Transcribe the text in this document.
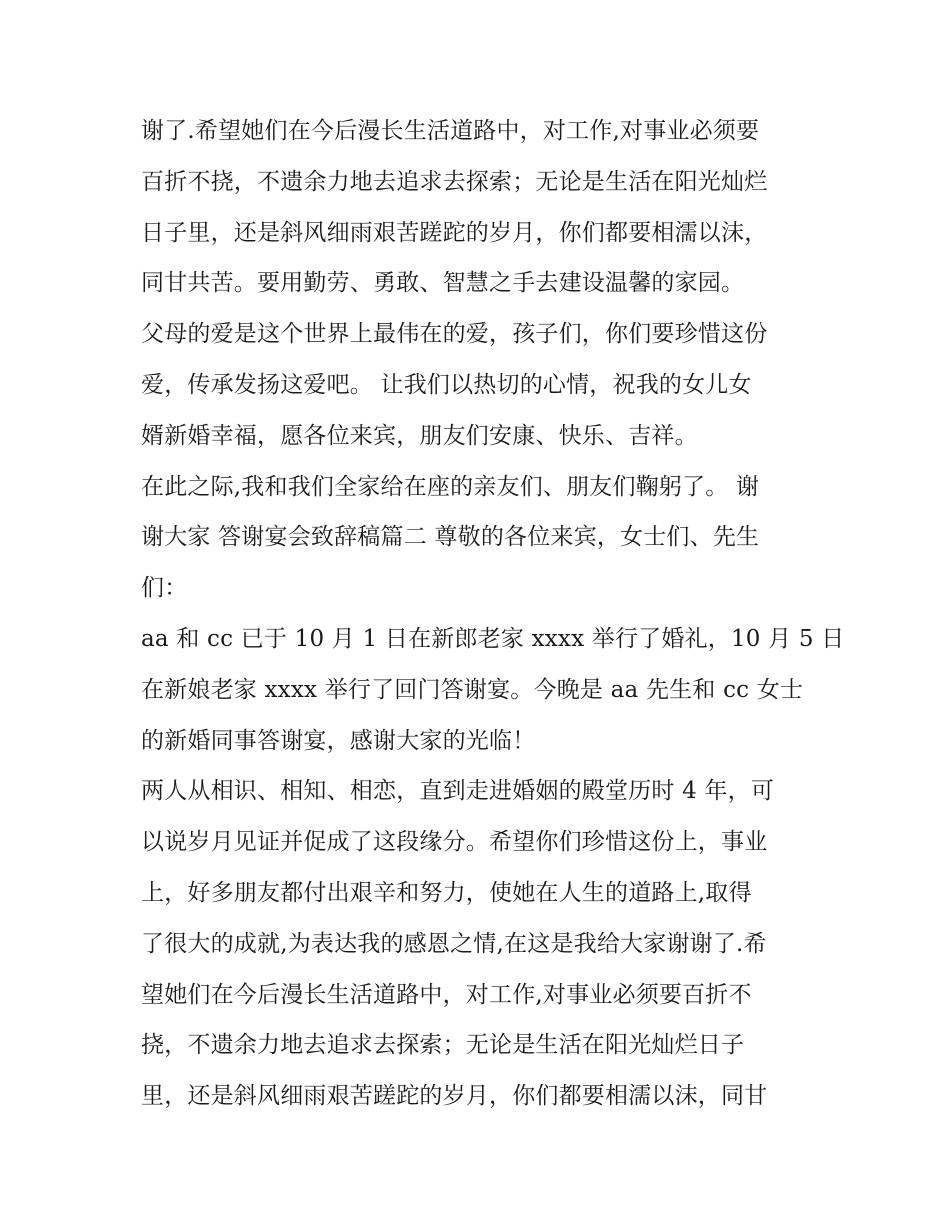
谢了.希望她们在今后漫长生活道路中，对工作,对事业必须要
百折不挠，不遗余力地去追求去探索；无论是生活在阳光灿烂
日子里，还是斜风细雨艰苦蹉跎的岁月，你们都要相濡以沫，
同甘共苦。要用勤劳、勇敢、智慧之手去建设温馨的家园。

父母的爱是这个世界上最伟在的爱，孩子们，你们要珍惜这份
爱，传承发扬这爱吧。 让我们以热切的心情，祝我的女儿女
婿新婚幸福，愿各位来宾，朋友们安康、快乐、吉祥。

在此之际,我和我们全家给在座的亲友们、朋友们鞠躬了。 谢
谢大家 答谢宴会致辞稿篇二 尊敬的各位来宾，女士们、先生
们：

aa 和 cc 已于 10 月 1 日在新郎老家 xxxx 举行了婚礼，10 月 5 日
在新娘老家 xxxx 举行了回门答谢宴。今晚是 aa 先生和 cc 女士
的新婚同事答谢宴，感谢大家的光临！

两人从相识、相知、相恋，直到走进婚姻的殿堂历时 4 年，可
以说岁月见证并促成了这段缘分。希望你们珍惜这份上，事业
上，好多朋友都付出艰辛和努力，使她在人生的道路上,取得
了很大的成就,为表达我的感恩之情,在这是我给大家谢谢了.希
望她们在今后漫长生活道路中，对工作,对事业必须要百折不
挠，不遗余力地去追求去探索；无论是生活在阳光灿烂日子
里，还是斜风细雨艰苦蹉跎的岁月，你们都要相濡以沫，同甘
